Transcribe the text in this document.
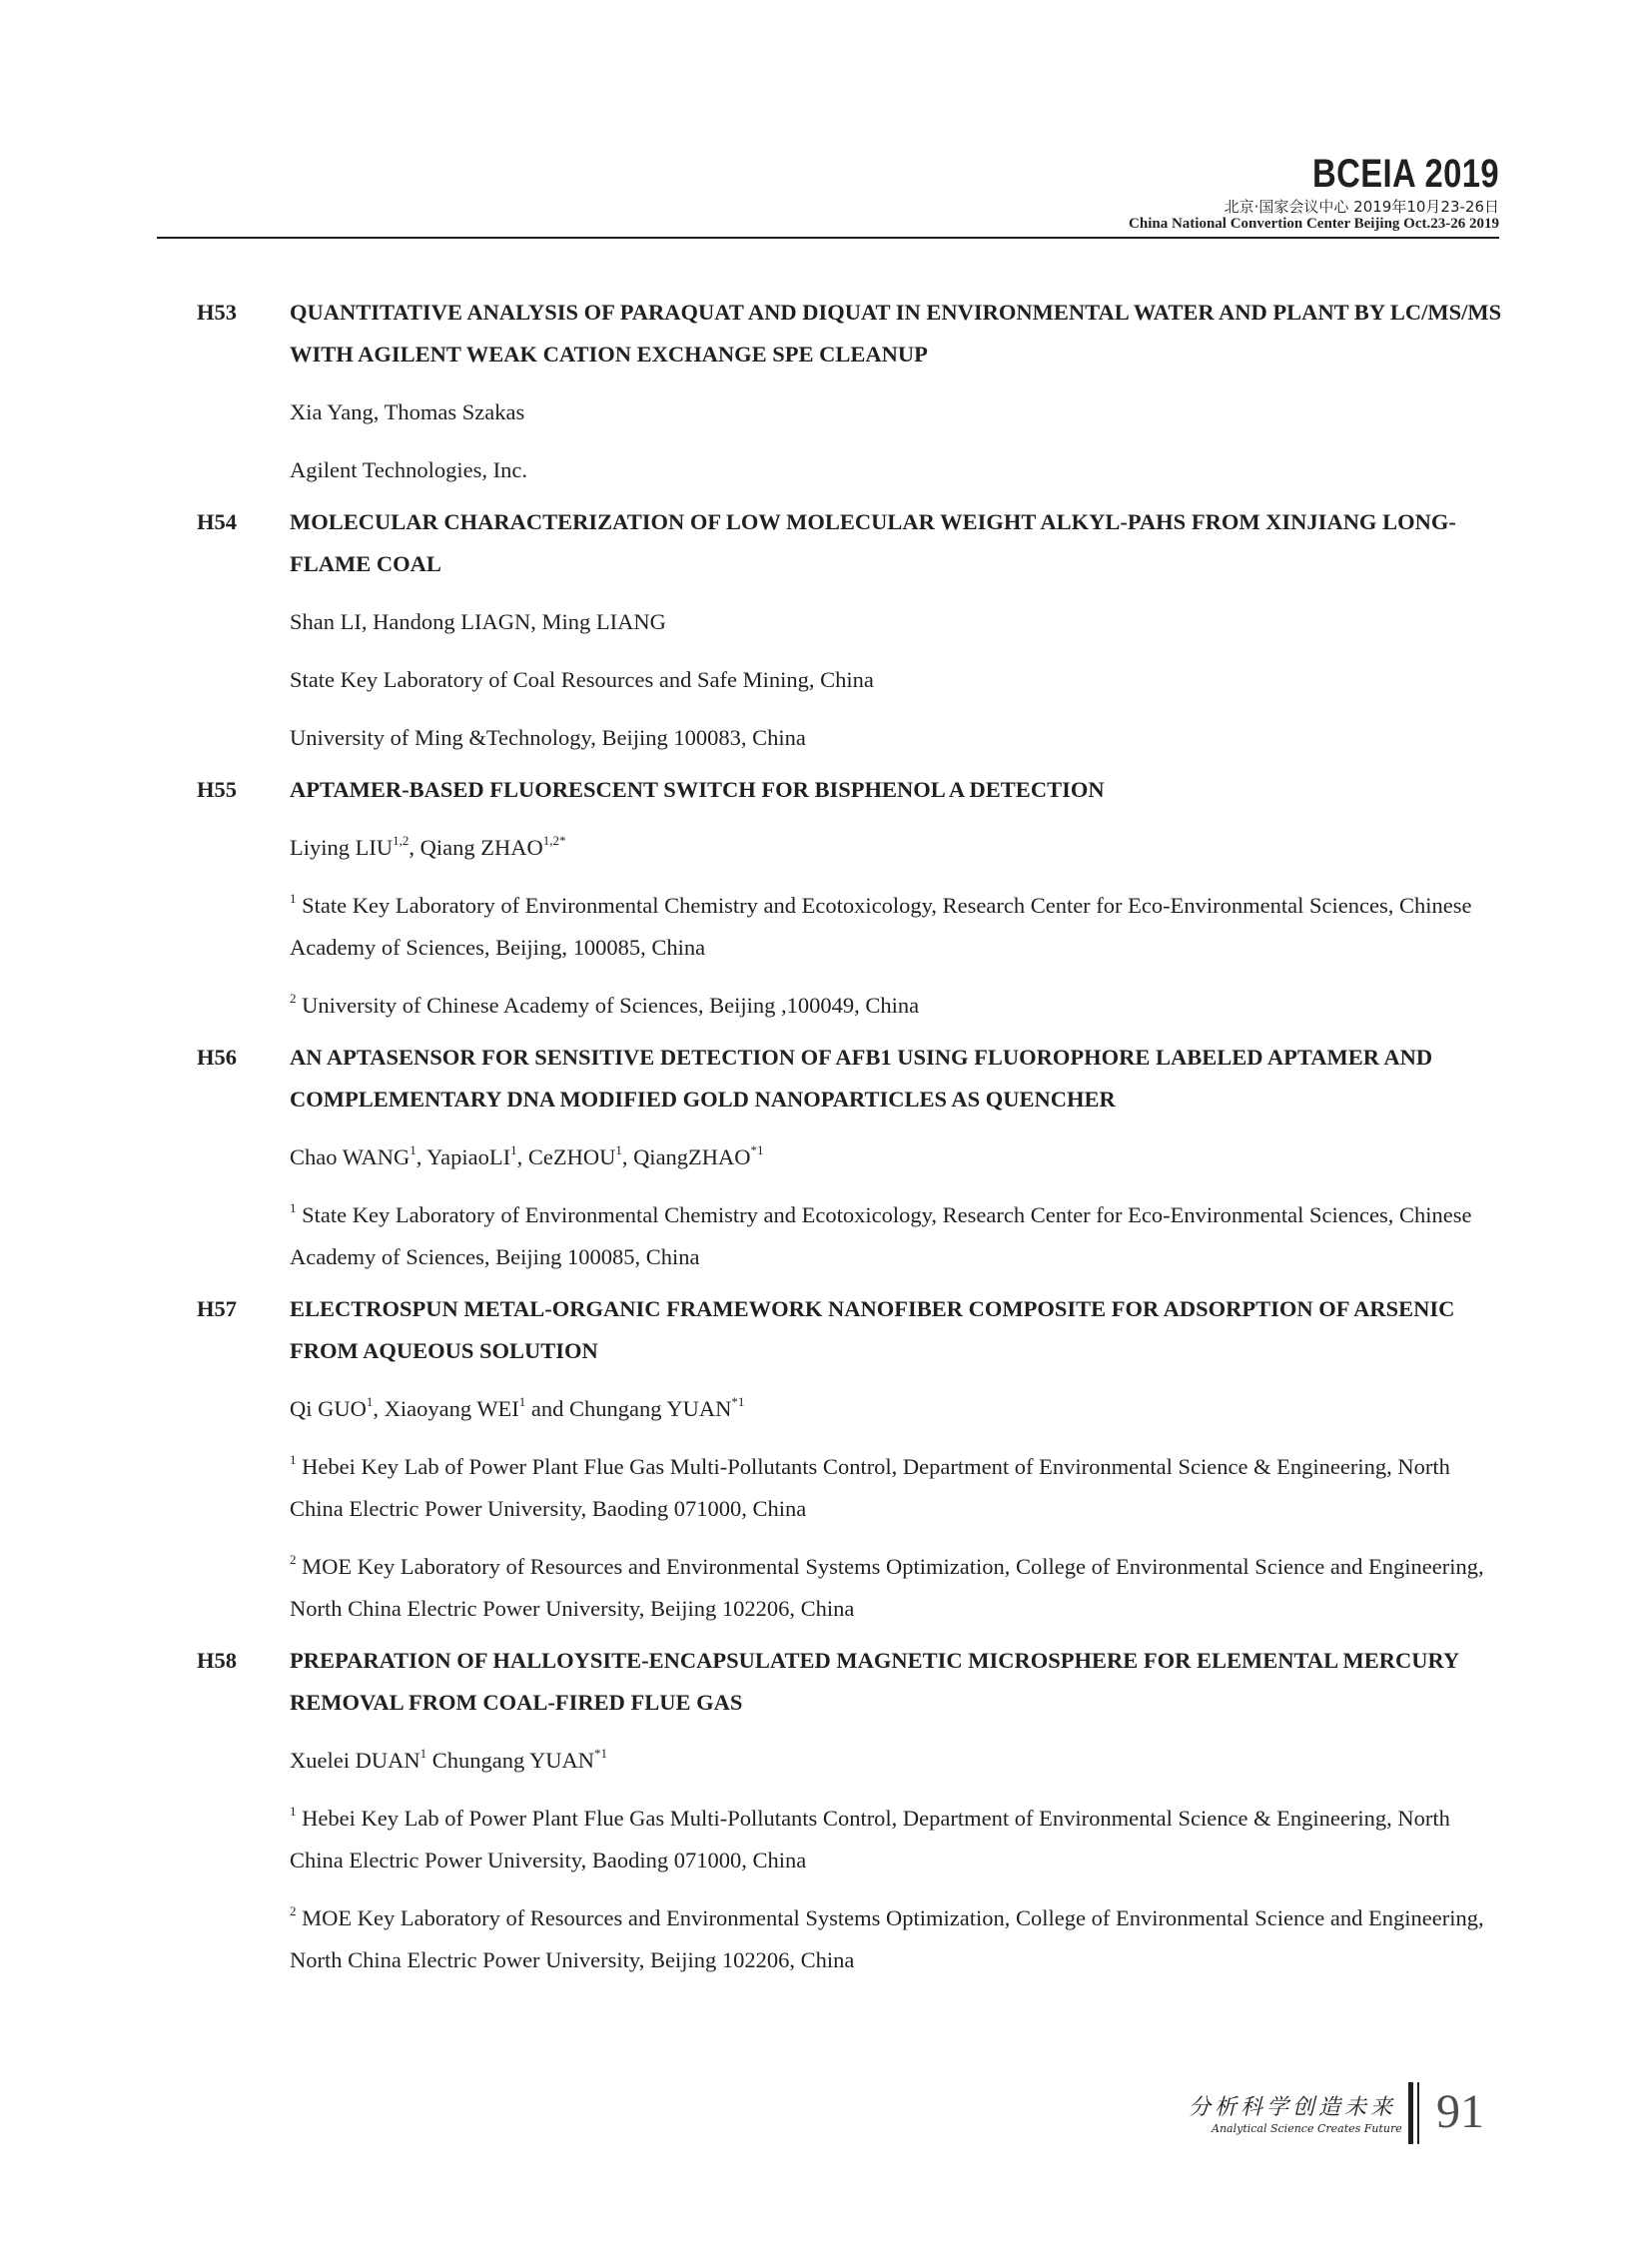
BCEIA 2019
北京·国家会议中心 2019年10月23-26日
China National Convertion Center Beijing Oct.23-26 2019
H53 QUANTITATIVE ANALYSIS OF PARAQUAT AND DIQUAT IN ENVIRONMENTAL WATER AND PLANT BY LC/MS/MS WITH AGILENT WEAK CATION EXCHANGE SPE CLEANUP
Xia Yang, Thomas Szakas
Agilent Technologies, Inc.
H54 MOLECULAR CHARACTERIZATION OF LOW MOLECULAR WEIGHT ALKYL-PAHS FROM XINJIANG LONG-FLAME COAL
Shan LI, Handong LIAGN, Ming LIANG
State Key Laboratory of Coal Resources and Safe Mining, China
University of Ming &Technology, Beijing 100083, China
H55 APTAMER-BASED FLUORESCENT SWITCH FOR BISPHENOL A DETECTION
Liying LIU$^{1,2}$, Qiang $ZHAO^{1,2*}$
$^1$ State Key Laboratory of Environmental Chemistry and Ecotoxicology, Research Center for Eco-Environmental Sciences, Chinese Academy of Sciences, Beijing, 100085, China
$^2$ University of Chinese Academy of Sciences, Beijing ,100049, China
H56 AN APTASENSOR FOR SENSITIVE DETECTION OF AFB1 USING FLUOROPHORE LABELED APTAMER AND COMPLEMENTARY DNA MODIFIED GOLD NANOPARTICLES AS QUENCHER
Chao WANG$^1$, YapiaoLI$^1$, CeZHOU$^1$, QiangZHAO$^{*1}$
$^1$ State Key Laboratory of Environmental Chemistry and Ecotoxicology, Research Center for Eco-Environmental Sciences, Chinese Academy of Sciences, Beijing 100085, China
H57 ELECTROSPUN METAL-ORGANIC FRAMEWORK NANOFIBER COMPOSITE FOR ADSORPTION OF ARSENIC FROM AQUEOUS SOLUTION
Qi GUO$^1$, Xiaoyang WEI$^1$ and Chungang YUAN$^{*1}$
$^1$ Hebei Key Lab of Power Plant Flue Gas Multi-Pollutants Control, Department of Environmental Science & Engineering, North China Electric Power University, Baoding 071000, China
$^2$ MOE Key Laboratory of Resources and Environmental Systems Optimization, College of Environmental Science and Engineering, North China Electric Power University, Beijing 102206, China
H58 PREPARATION OF HALLOYSITE-ENCAPSULATED MAGNETIC MICROSPHERE FOR ELEMENTAL MERCURY REMOVAL FROM COAL-FIRED FLUE GAS
Xuelei DUAN$^1$ Chungang YUAN$^{*1}$
$^1$ Hebei Key Lab of Power Plant Flue Gas Multi-Pollutants Control, Department of Environmental Science & Engineering, North China Electric Power University, Baoding 071000, China
$^2$ MOE Key Laboratory of Resources and Environmental Systems Optimization, College of Environmental Science and Engineering, North China Electric Power University, Beijing 102206, China
分析科学创造未来
Analytical Science Creates Future 91
